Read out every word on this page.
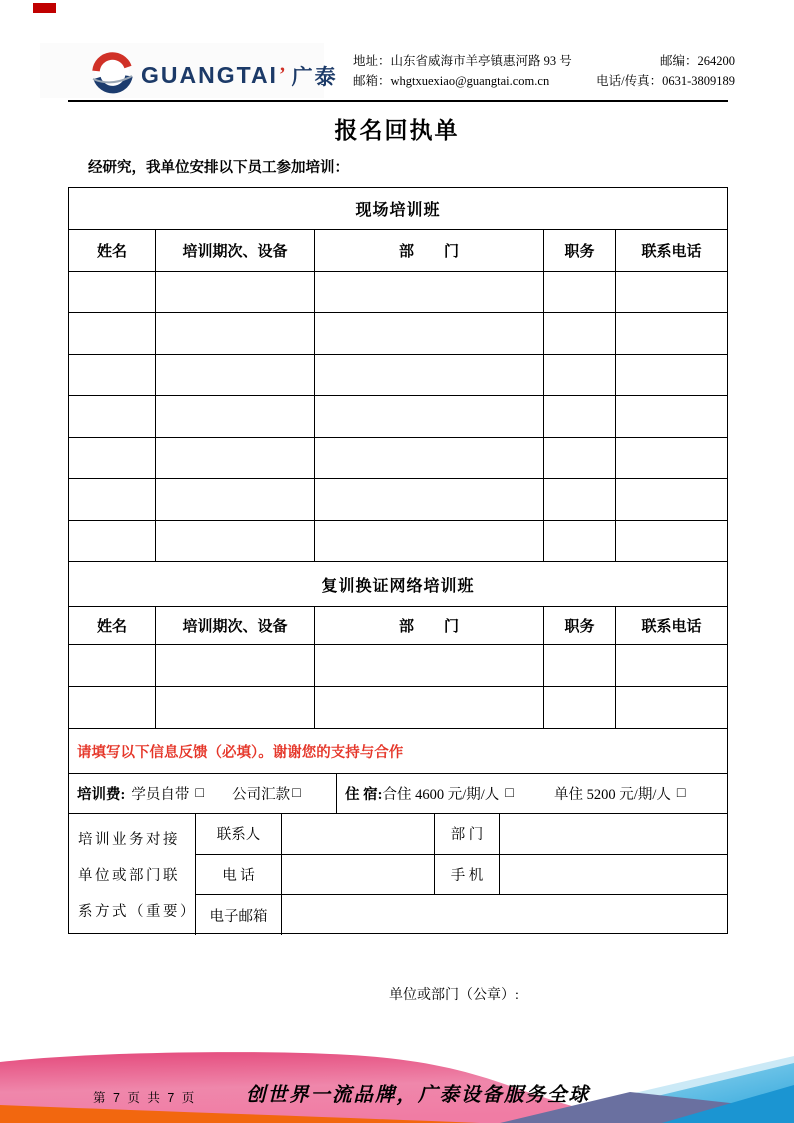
GUANGTAI ʼ 广泰
地址：山东省威海市羊亭镇惠河路 93 号	邮编：264200
邮箱：whgtxuexiao@guangtai.com.cn	电话/传真：0631-3809189
报名回执单
经研究，我单位安排以下员工参加培训：
现场培训班
姓名	培训期次、设备	部　　门	职务	联系电话
复训换证网络培训班
姓名	培训期次、设备	部　　门	职务	联系电话
请填写以下信息反馈（必填）。谢谢您的支持与合作
培训费: 学员自带 □ 公司汇款 □	住 宿: 合住 4600 元/期/人 □	单住 5200 元/期/人 □
培训业务对接
单位或部门联
系方式（重要）
联系人	部 门
电 话	手 机
电子邮箱
单位或部门（公章）:
第 7 页 共 7 页	创世界一流品牌，广泰设备服务全球
